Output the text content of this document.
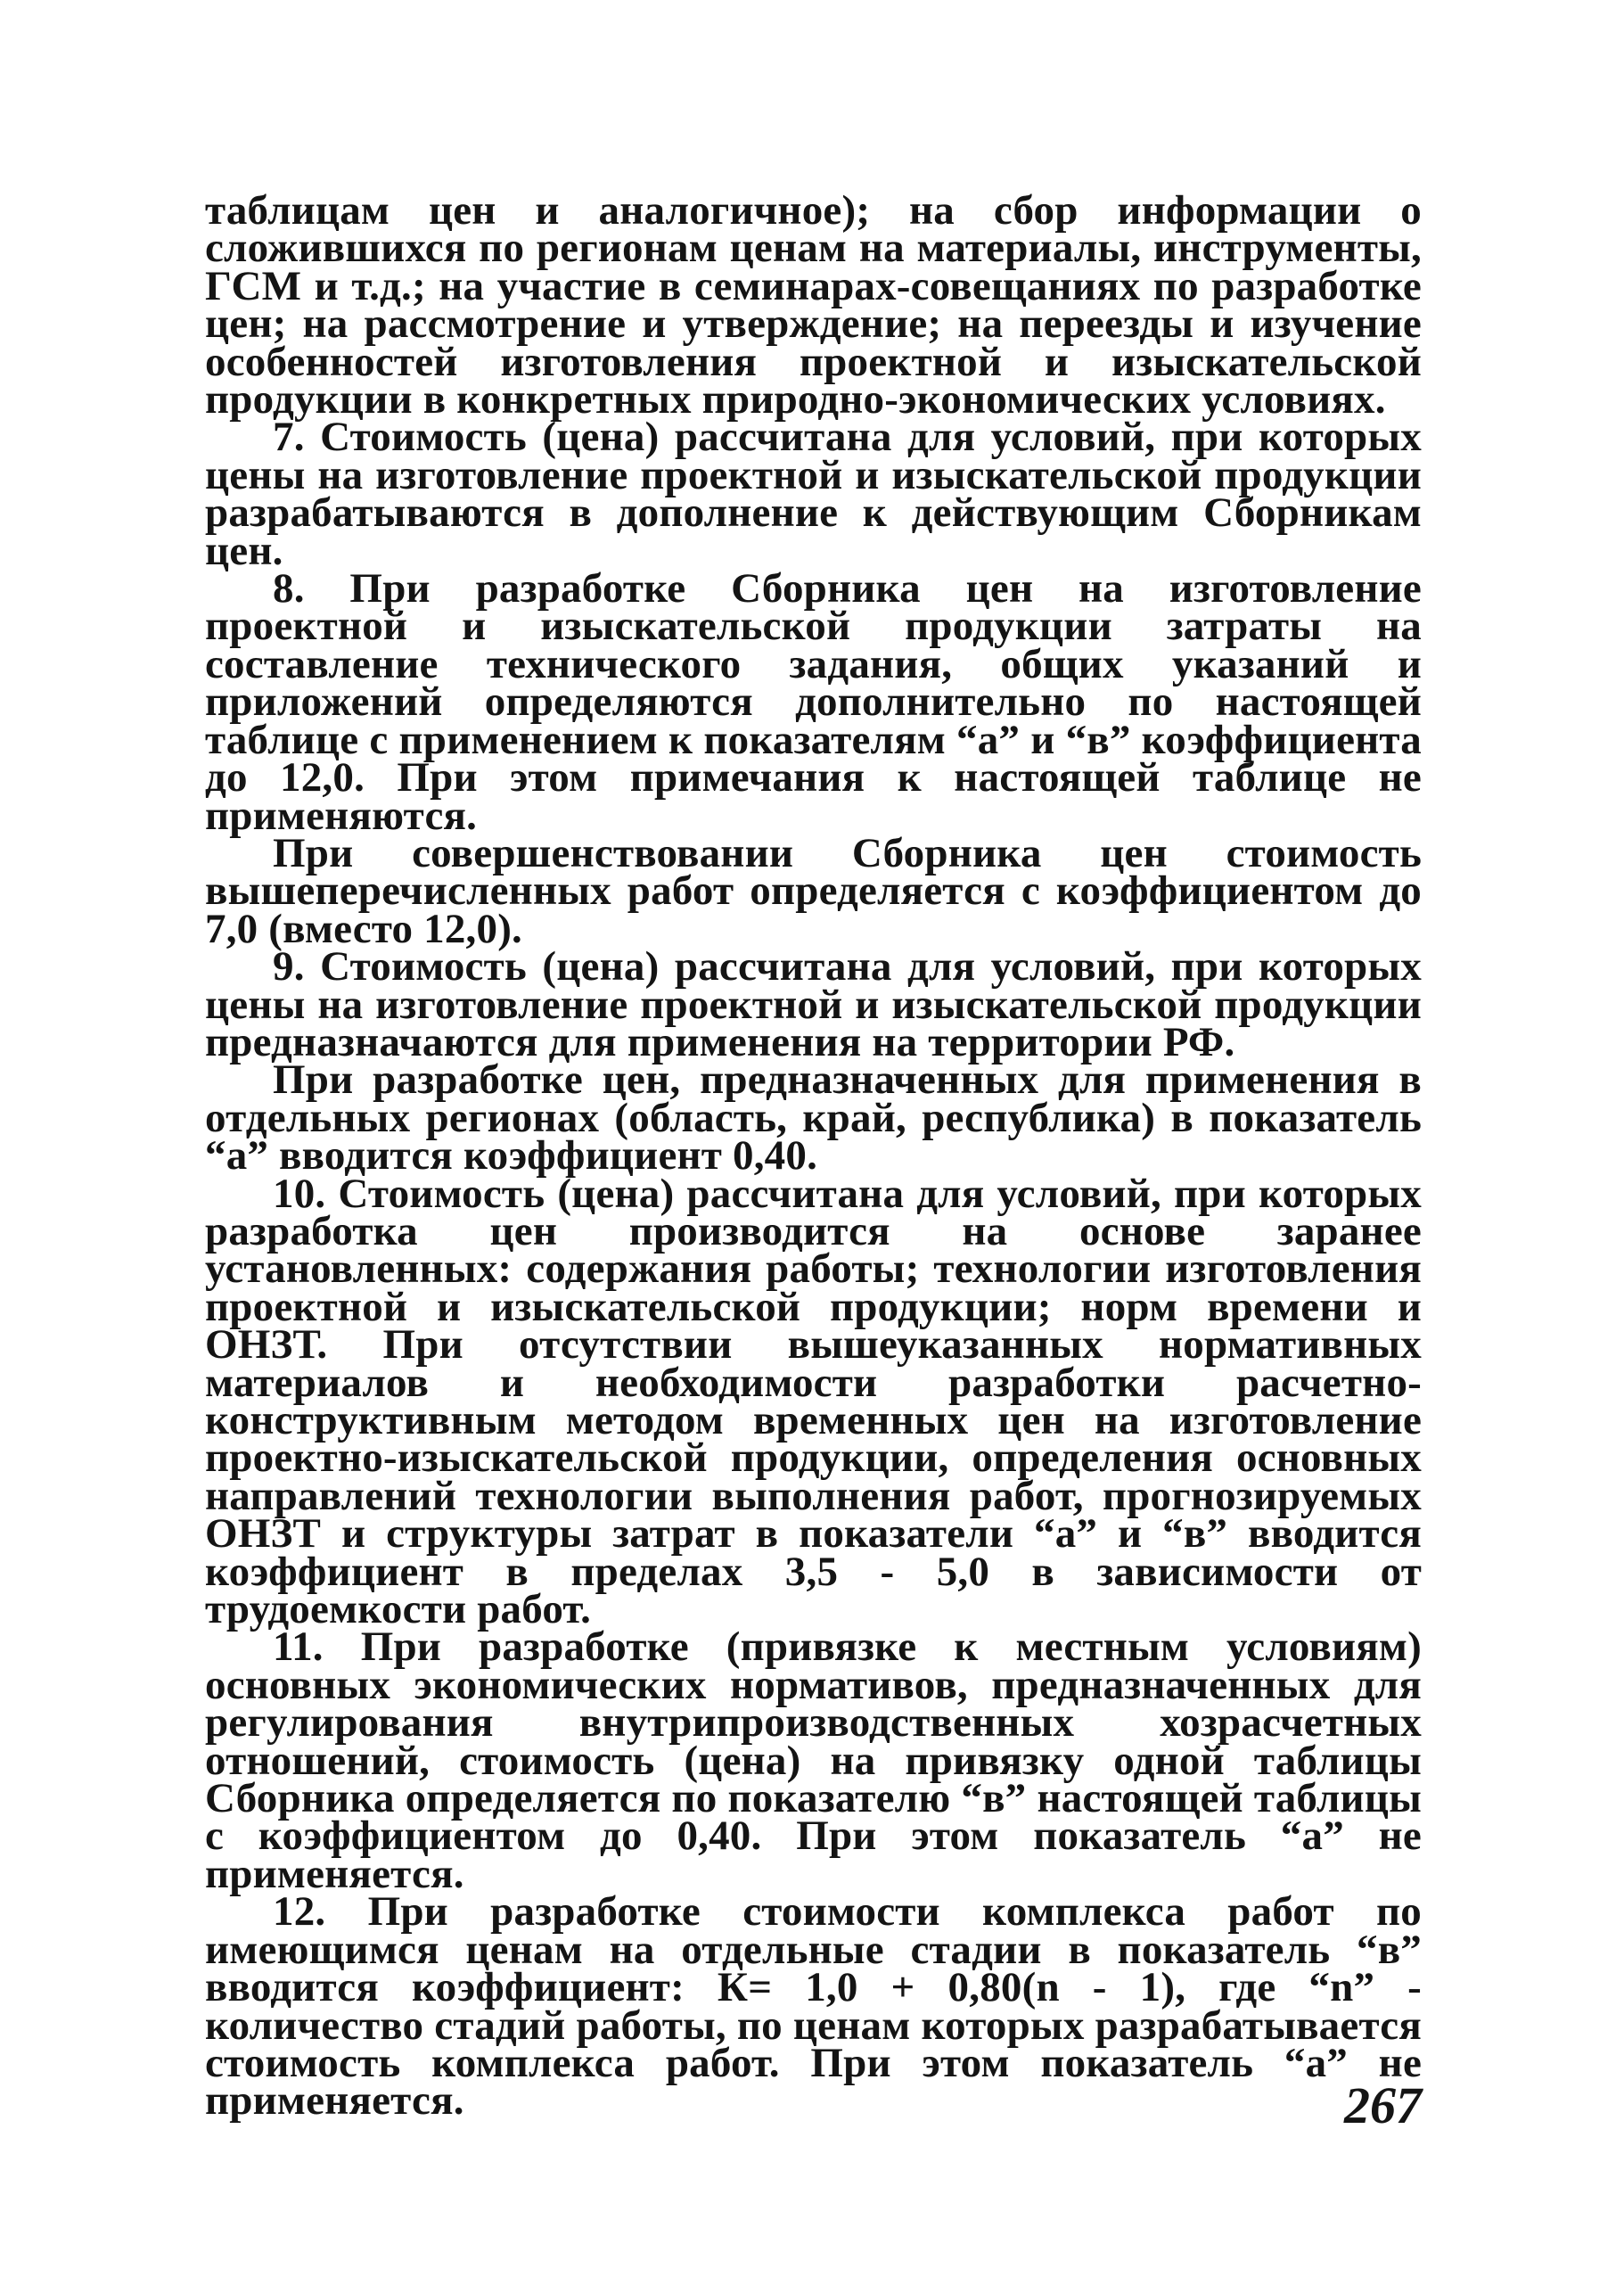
таблицам цен и аналогичное); на сбор информации о сложившихся по регионам ценам на материалы, инструменты, ГСМ и т.д.; на участие в семинарах-совещаниях по разработке цен; на рассмотрение и утверждение; на переезды и изучение особенностей изготовления проектной и изыскательской продукции в конкретных природно-экономических условиях.

7. Стоимость (цена) рассчитана для условий, при которых цены на изготовление проектной и изыскательской продукции разрабатываются в дополнение к действующим Сборникам цен.

8. При разработке Сборника цен на изготовление проектной и изыскательской продукции затраты на составление технического задания, общих указаний и приложений определяются дополнительно по настоящей таблице с применением к показателям “а” и “в” коэффициента до 12,0. При этом примечания к настоящей таблице не применяются.

При совершенствовании Сборника цен стоимость вышеперечисленных работ определяется с коэффициентом до 7,0 (вместо 12,0).

9. Стоимость (цена) рассчитана для условий, при которых цены на изготовление проектной и изыскательской продукции предназначаются для применения на территории РФ.

При разработке цен, предназначенных для применения в отдельных регионах (область, край, республика) в показатель “а” вводится коэффициент 0,40.

10. Стоимость (цена) рассчитана для условий, при которых разработка цен производится на основе заранее установленных: содержания работы; технологии изготовления проектной и изыскательской продукции; норм времени и ОНЗТ. При отсутствии вышеуказанных нормативных материалов и необходимости разработки расчетно-конструктивным методом временных цен на изготовление проектно-изыскательской продукции, определения основных направлений технологии выполнения работ, прогнозируемых ОНЗТ и структуры затрат в показатели “а” и “в” вводится коэффициент в пределах 3,5 - 5,0 в зависимости от трудоемкости работ.

11. При разработке (привязке к местным условиям) основных экономических нормативов, предназначенных для регулирования внутрипроизводственных хозрасчетных отношений, стоимость (цена) на привязку одной таблицы Сборника определяется по показателю “в” настоящей таблицы с коэффициентом до 0,40. При этом показатель “а” не применяется.

12. При разработке стоимости комплекса работ по имеющимся ценам на отдельные стадии в показатель “в” вводится коэффициент: К= 1,0 + 0,80(n - 1), где “n” - количество стадий работы, по ценам которых разрабатывается стоимость комплекса работ. При этом показатель “а” не применяется.	267
